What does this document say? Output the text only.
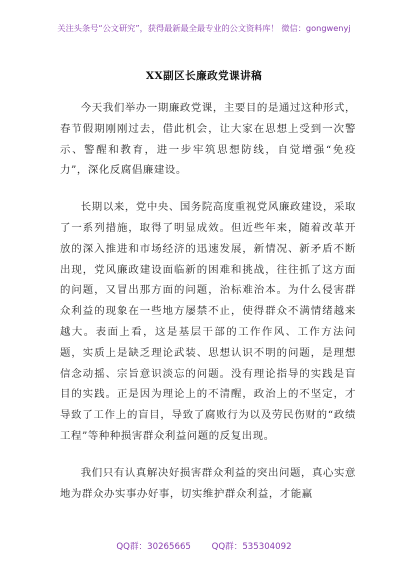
关注头条号“公文研究”，获得最新最全最专业的公文资料库！ 微信：gongwenyj
XX副区长廉政党课讲稿

今天我们举办一期廉政党课，主要目的是通过这种形式，春节假期刚刚过去，借此机会，让大家在思想上受到一次警示、警醒和教育，进一步牢筑思想防线，自觉增强“免疫力”，深化反腐倡廉建设。

长期以来，党中央、国务院高度重视党风廉政建设，采取了一系列措施，取得了明显成效。但近些年来，随着改革开放的深入推进和市场经济的迅速发展，新情况、新矛盾不断出现，党风廉政建设面临新的困难和挑战，往往抓了这方面的问题，又冒出那方面的问题，治标难治本。为什么侵害群众利益的现象在一些地方屡禁不止，使得群众不满情绪越来越大。表面上看，这是基层干部的工作作风、工作方法问题，实质上是缺乏理论武装、思想认识不明的问题，是理想信念动摇、宗旨意识淡忘的问题。没有理论指导的实践是盲目的实践。正是因为理论上的不清醒，政治上的不坚定，才导致了工作上的盲目，导致了腐败行为以及劳民伤财的“政绩工程”等种种损害群众利益问题的反复出现。

我们只有认真解决好损害群众利益的突出问题，真心实意地为群众办实事办好事，切实维护群众利益，才能赢

QQ群：30265665 QQ群：535304092
